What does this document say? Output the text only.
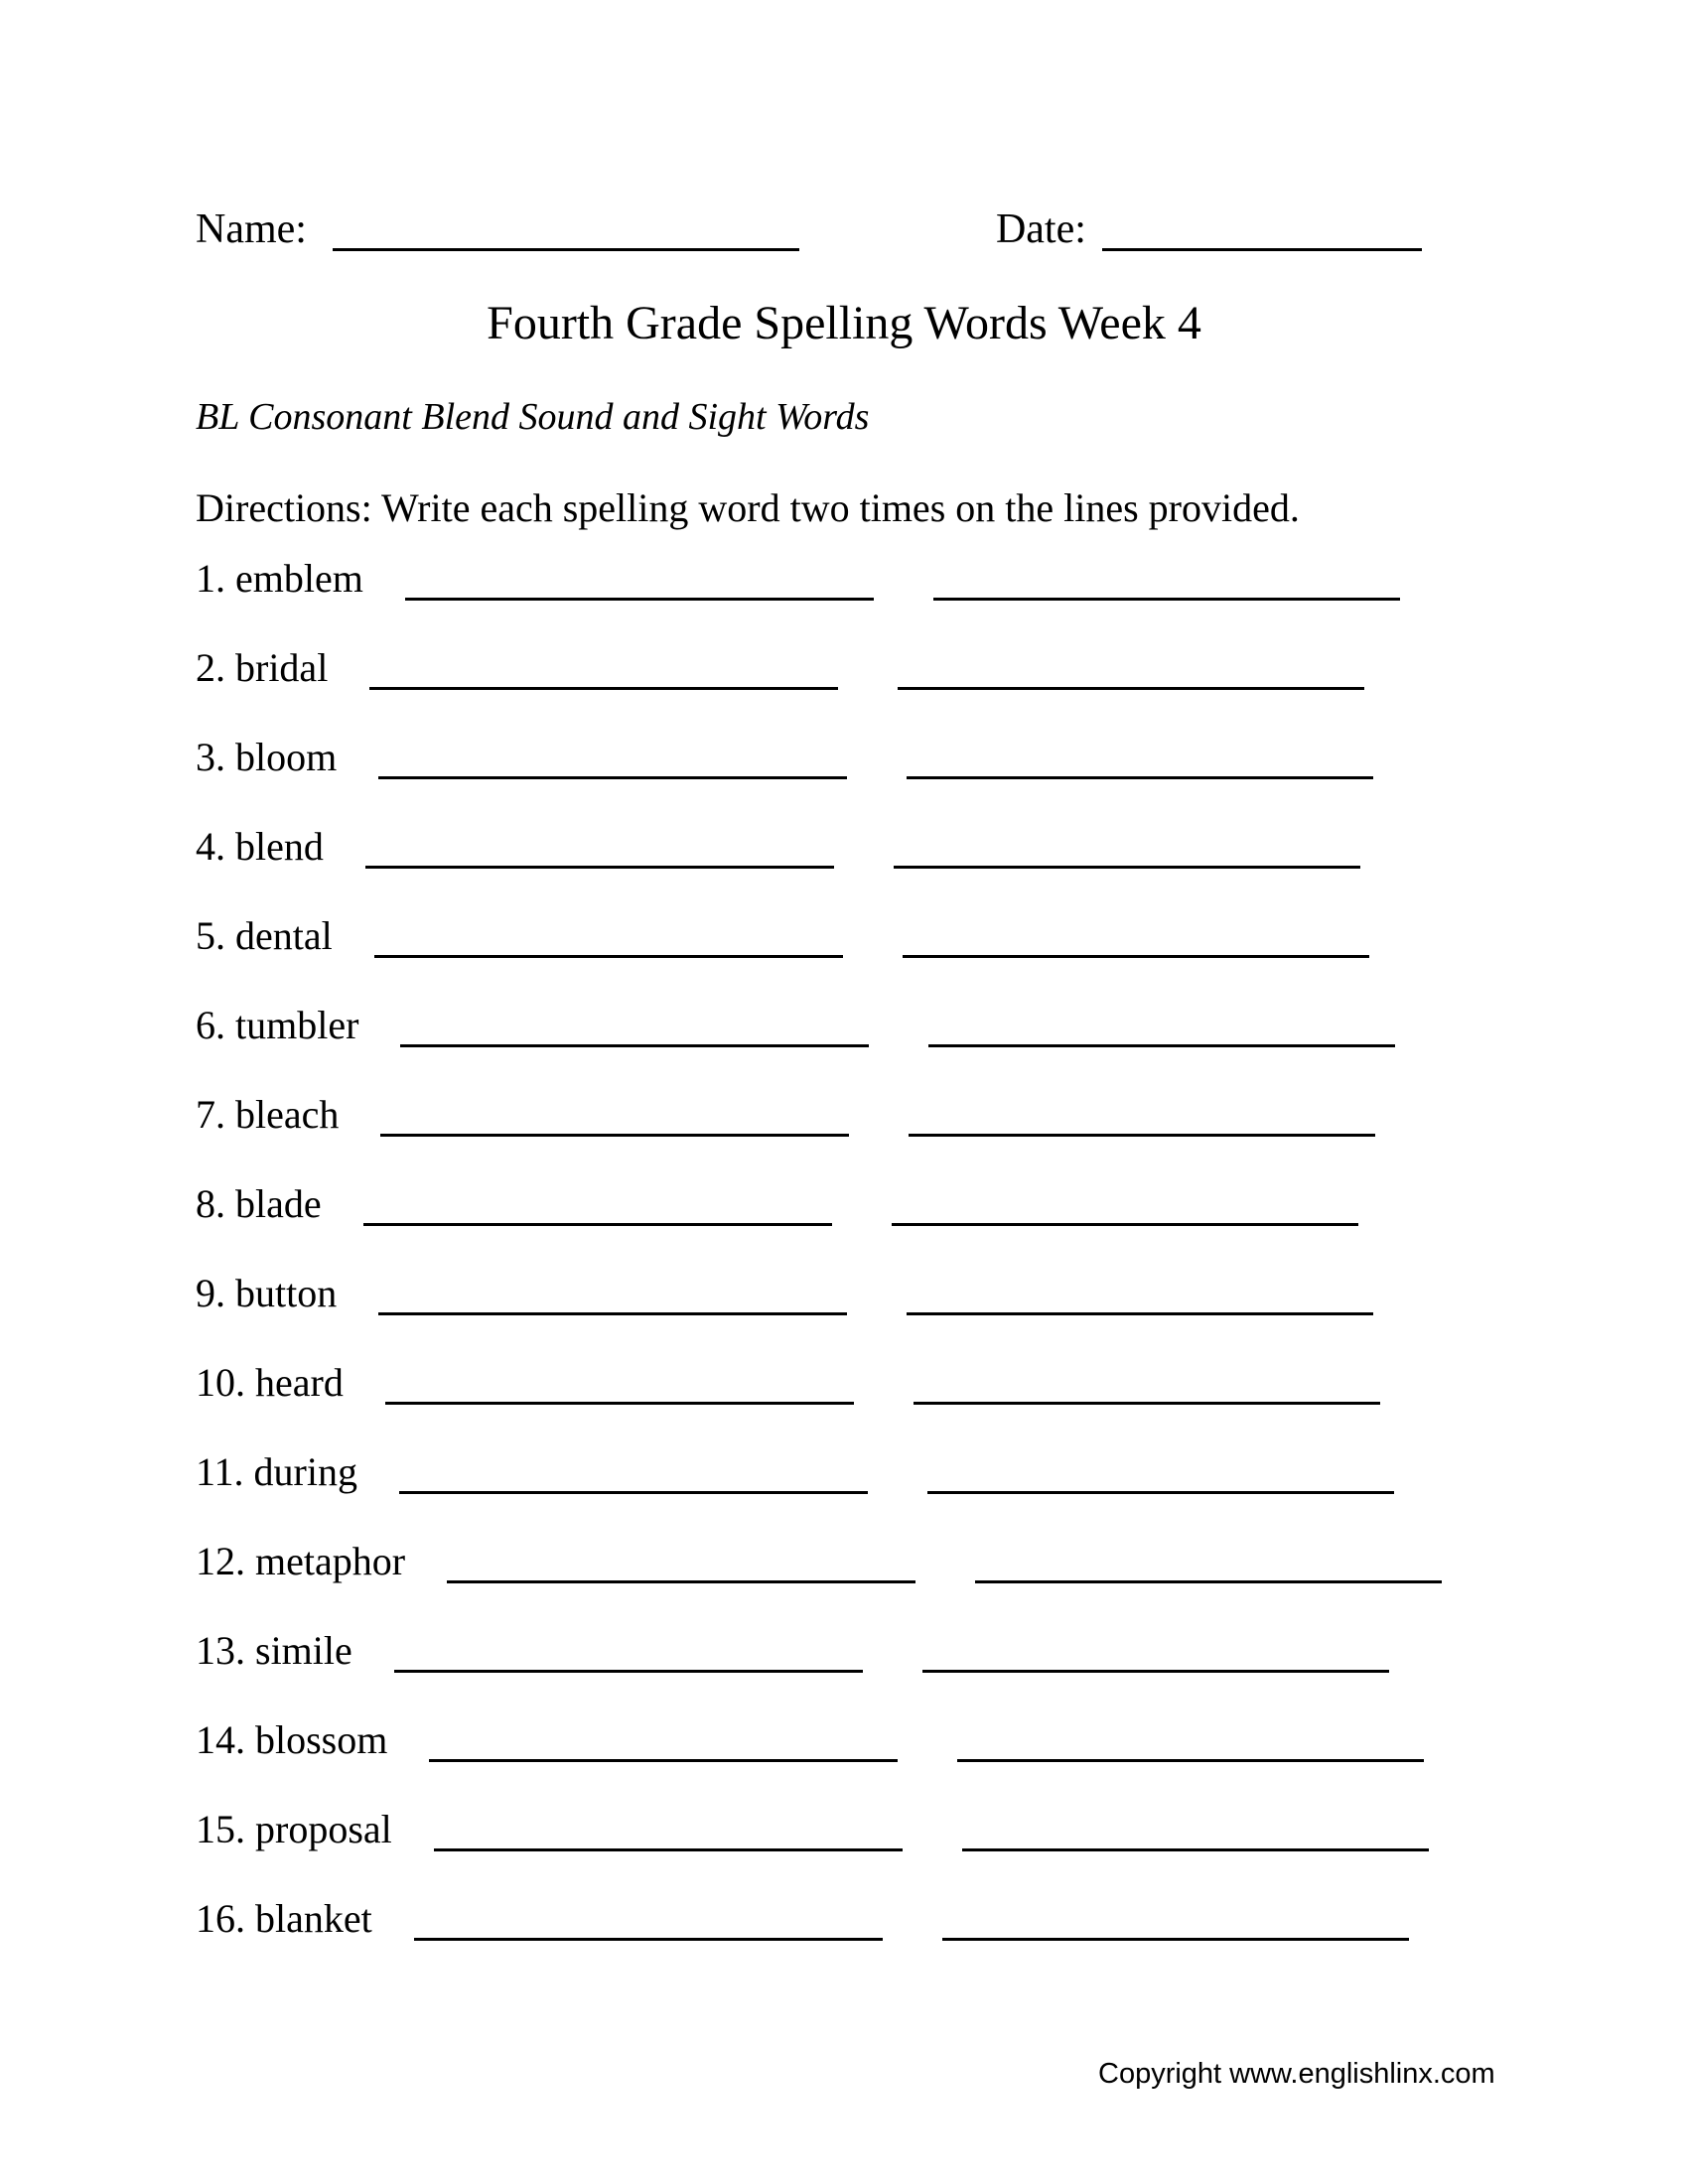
Name:	Date:
Fourth Grade Spelling Words Week 4
BL Consonant Blend Sound and Sight Words
Directions: Write each spelling word two times on the lines provided.
1. emblem
2. bridal
3. bloom
4. blend
5. dental
6. tumbler
7. bleach
8. blade
9. button
10. heard
11. during
12. metaphor
13. simile
14. blossom
15. proposal
16. blanket
Copyright www.englishlinx.com
